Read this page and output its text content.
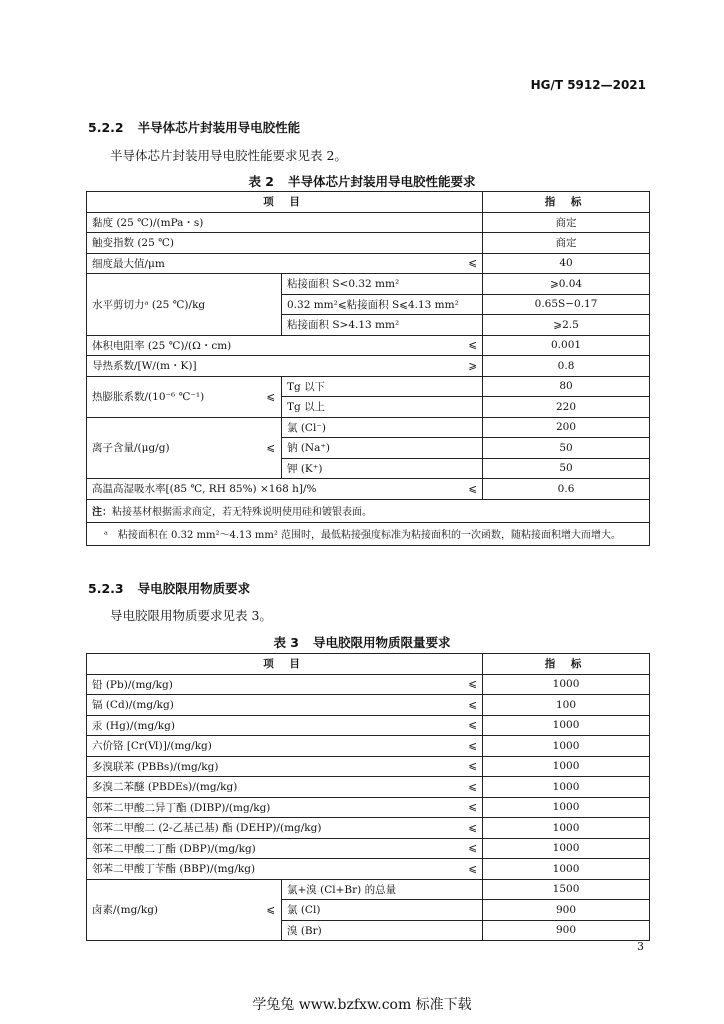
HG/T 5912—2021
5.2.2 半导体芯片封装用导电胶性能
半导体芯片封装用导电胶性能要求见表 2。
表 2 半导体芯片封装用导电胶性能要求
项 目			指 标
黏度 (25 ℃)/(mPa・s)			商定
触变指数 (25 ℃)			商定
细度最大值/μm		⩽	40
水平剪切力ᵃ (25 ℃)/kg		粘接面积 S<0.32 mm²	⩾0.04
		0.32 mm²⩽粘接面积 S⩽4.13 mm²	0.65S−0.17
		粘接面积 S>4.13 mm²	⩾2.5
体积电阻率 (25 ℃)/(Ω・cm)		⩽	0.001
导热系数/[W/(m・K)]		⩾	0.8
热膨胀系数/(10⁻⁶ ℃⁻¹)	⩽	Tg 以下	80
		Tg 以上	220
离子含量/(μg/g)	⩽	氯 (Cl⁻)	200
		钠 (Na⁺)	50
		钾 (K⁺)	50
高温高湿吸水率[(85 ℃, RH 85%) ×168 h]/%		⩽	0.6
注：粘接基材根据需求商定，若无特殊说明使用硅和镀银表面。			
ᵃ 粘接面积在 0.32 mm²～4.13 mm² 范围时，最低粘接强度标准为粘接面积的一次函数，随粘接面积增大而增大。			
5.2.3 导电胶限用物质要求
导电胶限用物质要求见表 3。
表 3 导电胶限用物质限量要求
项 目			指 标
铅 (Pb)/(mg/kg)		⩽	1000
镉 (Cd)/(mg/kg)		⩽	100
汞 (Hg)/(mg/kg)		⩽	1000
六价铬 [Cr(Ⅵ)]/(mg/kg)		⩽	1000
多溴联苯 (PBBs)/(mg/kg)		⩽	1000
多溴二苯醚 (PBDEs)/(mg/kg)		⩽	1000
邻苯二甲酸二异丁酯 (DIBP)/(mg/kg)		⩽	1000
邻苯二甲酸二 (2-乙基己基) 酯 (DEHP)/(mg/kg)		⩽	1000
邻苯二甲酸二丁酯 (DBP)/(mg/kg)		⩽	1000
邻苯二甲酸丁苄酯 (BBP)/(mg/kg)		⩽	1000
卤素/(mg/kg)	⩽	氯+溴 (Cl+Br) 的总量	1500
		氯 (Cl)	900
		溴 (Br)	900
3
学兔兔 www.bzfxw.com 标准下载
